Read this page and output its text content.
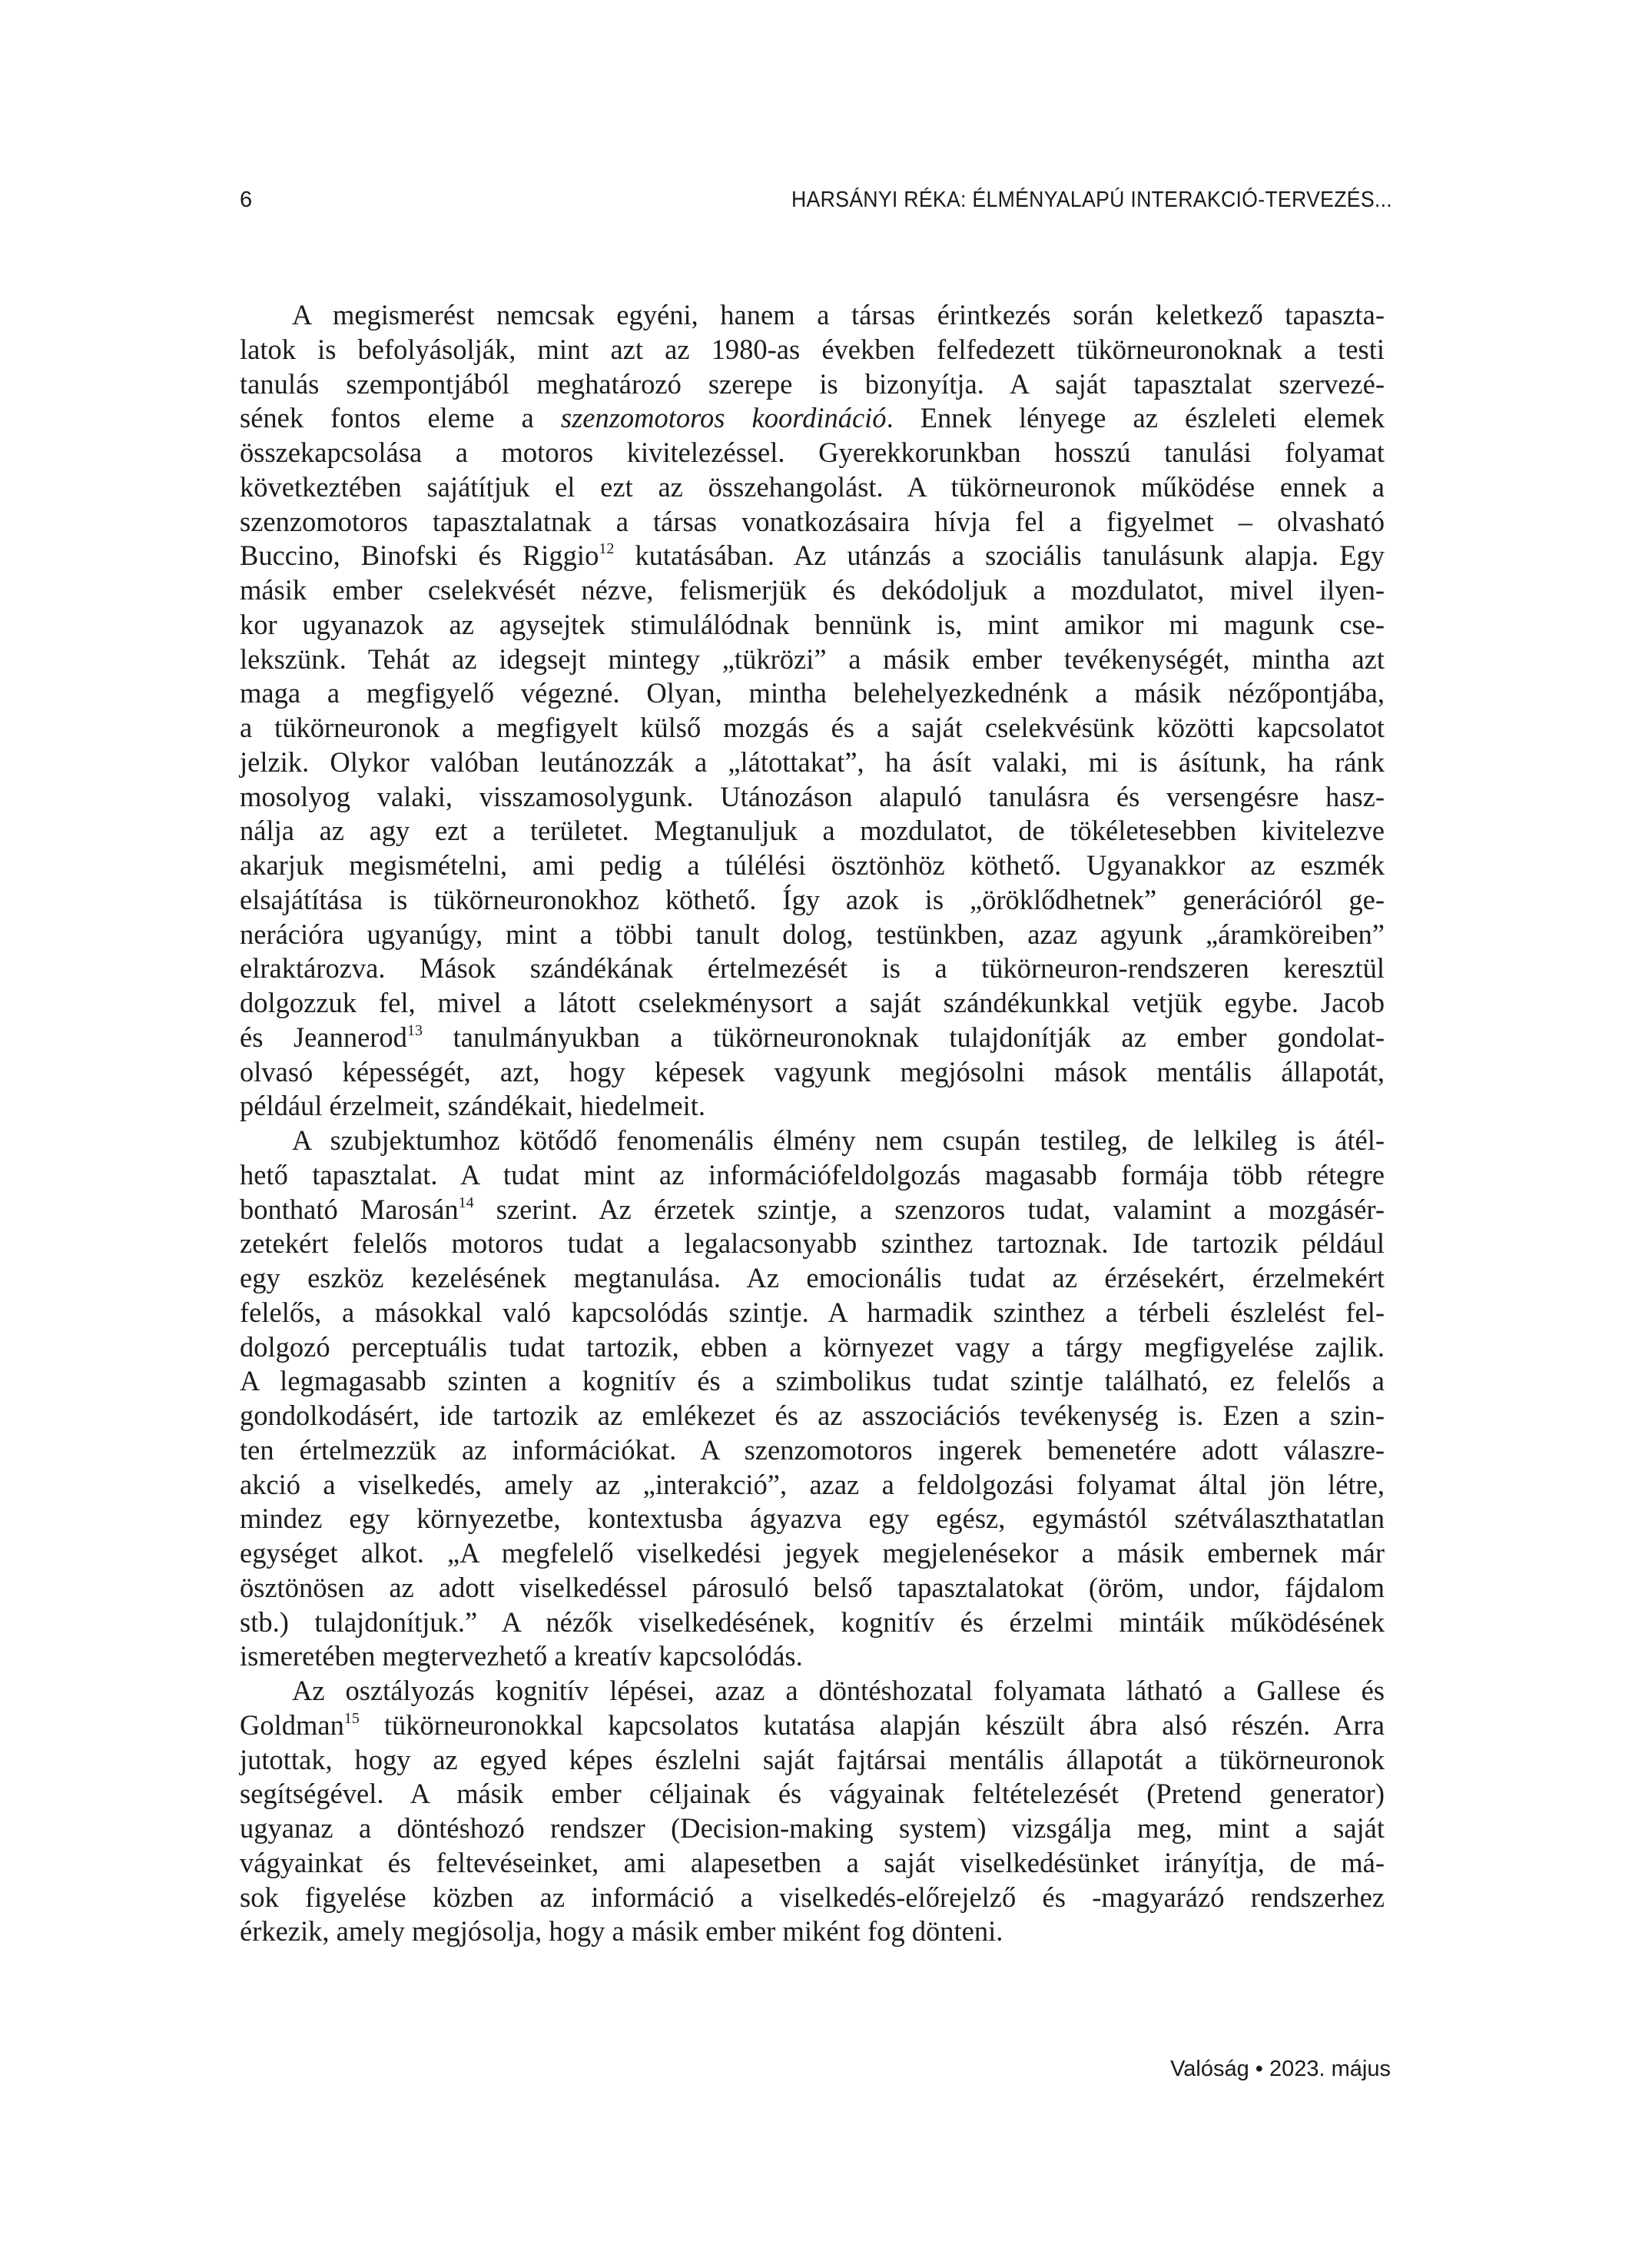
6	HARSÁNYI RÉKA: ÉLMÉNYALAPÚ INTERAKCIÓ-TERVEZÉS...
A megismerést nemcsak egyéni, hanem a társas érintkezés során keletkező tapaszta-
latok is befolyásolják, mint azt az 1980-as években felfedezett tükörneuronoknak a testi
tanulás szempontjából meghatározó szerepe is bizonyítja. A saját tapasztalat szervezé-
sének fontos eleme a szenzomotoros koordináció. Ennek lényege az észleleti elemek
összekapcsolása a motoros kivitelezéssel. Gyerekkorunkban hosszú tanulási folyamat
következtében sajátítjuk el ezt az összehangolást. A tükörneuronok működése ennek a
szenzomotoros tapasztalatnak a társas vonatkozásaira hívja fel a figyelmet – olvasható
Buccino, Binofski és Riggio$^{12}$ kutatásában. Az utánzás a szociális tanulásunk alapja. Egy
másik ember cselekvését nézve, felismerjük és dekódoljuk a mozdulatot, mivel ilyen-
kor ugyanazok az agysejtek stimulálódnak bennünk is, mint amikor mi magunk cse-
lekszünk. Tehát az idegsejt mintegy „tükrözi” a másik ember tevékenységét, mintha azt
maga a megfigyelő végezné. Olyan, mintha belehelyezkednénk a másik nézőpontjába,
a tükörneuronok a megfigyelt külső mozgás és a saját cselekvésünk közötti kapcsolatot
jelzik. Olykor valóban leutánozzák a „látottakat”, ha ásít valaki, mi is ásítunk, ha ránk
mosolyog valaki, visszamosolygunk. Utánozáson alapuló tanulásra és versengésre hasz-
nálja az agy ezt a területet. Megtanuljuk a mozdulatot, de tökéletesebben kivitelezve
akarjuk megismételni, ami pedig a túlélési ösztönhöz köthető. Ugyanakkor az eszmék
elsajátítása is tükörneuronokhoz köthető. Így azok is „öröklődhetnek” generációról ge-
nerációra ugyanúgy, mint a többi tanult dolog, testünkben, azaz agyunk „áramköreiben”
elraktározva. Mások szándékának értelmezését is a tükörneuron-rendszeren keresztül
dolgozzuk fel, mivel a látott cselekménysort a saját szándékunkkal vetjük egybe. Jacob
és Jeannerod$^{13}$ tanulmányukban a tükörneuronoknak tulajdonítják az ember gondolat-
olvasó képességét, azt, hogy képesek vagyunk megjósolni mások mentális állapotát,
például érzelmeit, szándékait, hiedelmeit.
A szubjektumhoz kötődő fenomenális élmény nem csupán testileg, de lelkileg is átél-
hető tapasztalat. A tudat mint az információfeldolgozás magasabb formája több rétegre
bontható Marosán$^{14}$ szerint. Az érzetek szintje, a szenzoros tudat, valamint a mozgásér-
zetekért felelős motoros tudat a legalacsonyabb szinthez tartoznak. Ide tartozik például
egy eszköz kezelésének megtanulása. Az emocionális tudat az érzésekért, érzelmekért
felelős, a másokkal való kapcsolódás szintje. A harmadik szinthez a térbeli észlelést fel-
dolgozó perceptuális tudat tartozik, ebben a környezet vagy a tárgy megfigyelése zajlik.
A legmagasabb szinten a kognitív és a szimbolikus tudat szintje található, ez felelős a
gondolkodásért, ide tartozik az emlékezet és az asszociációs tevékenység is. Ezen a szin-
ten értelmezzük az információkat. A szenzomotoros ingerek bemenetére adott válaszre-
akció a viselkedés, amely az „interakció”, azaz a feldolgozási folyamat által jön létre,
mindez egy környezetbe, kontextusba ágyazva egy egész, egymástól szétválaszthatatlan
egységet alkot. „A megfelelő viselkedési jegyek megjelenésekor a másik embernek már
ösztönösen az adott viselkedéssel párosuló belső tapasztalatokat (öröm, undor, fájdalom
stb.) tulajdonítjuk.” A nézők viselkedésének, kognitív és érzelmi mintáik működésének
ismeretében megtervezhető a kreatív kapcsolódás.
Az osztályozás kognitív lépései, azaz a döntéshozatal folyamata látható a Gallese és
Goldman$^{15}$ tükörneuronokkal kapcsolatos kutatása alapján készült ábra alsó részén. Arra
jutottak, hogy az egyed képes észlelni saját fajtársai mentális állapotát a tükörneuronok
segítségével. A másik ember céljainak és vágyainak feltételezését (Pretend generator)
ugyanaz a döntéshozó rendszer (Decision-making system) vizsgálja meg, mint a saját
vágyainkat és feltevéseinket, ami alapesetben a saját viselkedésünket irányítja, de má-
sok figyelése közben az információ a viselkedés-előrejelző és -magyarázó rendszerhez
érkezik, amely megjósolja, hogy a másik ember miként fog dönteni.
Valóság • 2023. május
